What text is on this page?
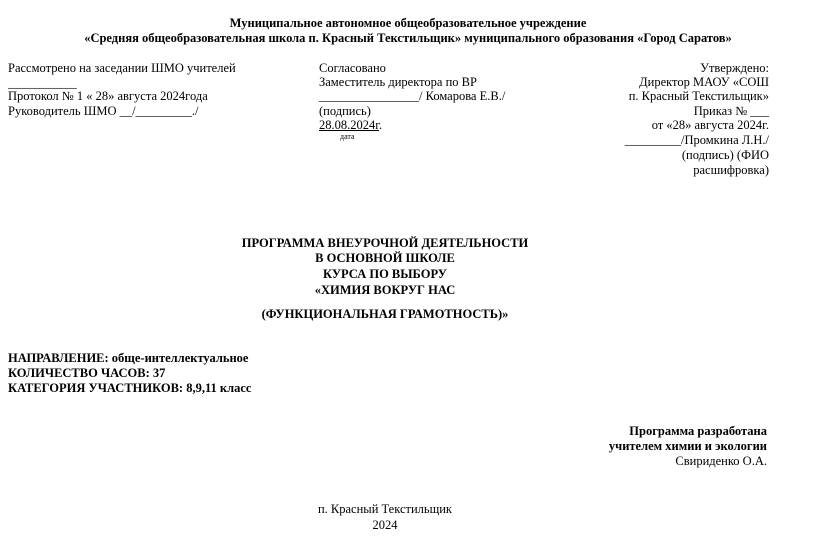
Муниципальное автономное общеобразовательное учреждение
«Средняя общеобразовательная школа п. Красный Текстильщик» муниципального образования «Город Саратов»
Рассмотрено на заседании ШМО учителей
___________
Протокол № 1 « 28» августа 2024года
Руководитель ШМО __/_________./
Согласовано
Заместитель директора по ВР
________________/ Комарова Е.В./
(подпись)
28.08.2024г.
дата
Утверждено:
Директор МАОУ «СОШ
п. Красный Текстильщик»
Приказ № ___
от «28» августа 2024г.
_________/Промкина Л.Н./
(подпись) (ФИО
расшифровка)
ПРОГРАММА ВНЕУРОЧНОЙ ДЕЯТЕЛЬНОСТИ
В ОСНОВНОЙ ШКОЛЕ
КУРСА ПО ВЫБОРУ
«ХИМИЯ ВОКРУГ НАС
(ФУНКЦИОНАЛЬНАЯ ГРАМОТНОСТЬ)»
НАПРАВЛЕНИЕ: обще-интеллектуальное
КОЛИЧЕСТВО ЧАСОВ: 37
КАТЕГОРИЯ УЧАСТНИКОВ: 8,9,11 класс
Программа разработана
учителем химии и экологии
Свириденко О.А.
п. Красный Текстильщик
2024
